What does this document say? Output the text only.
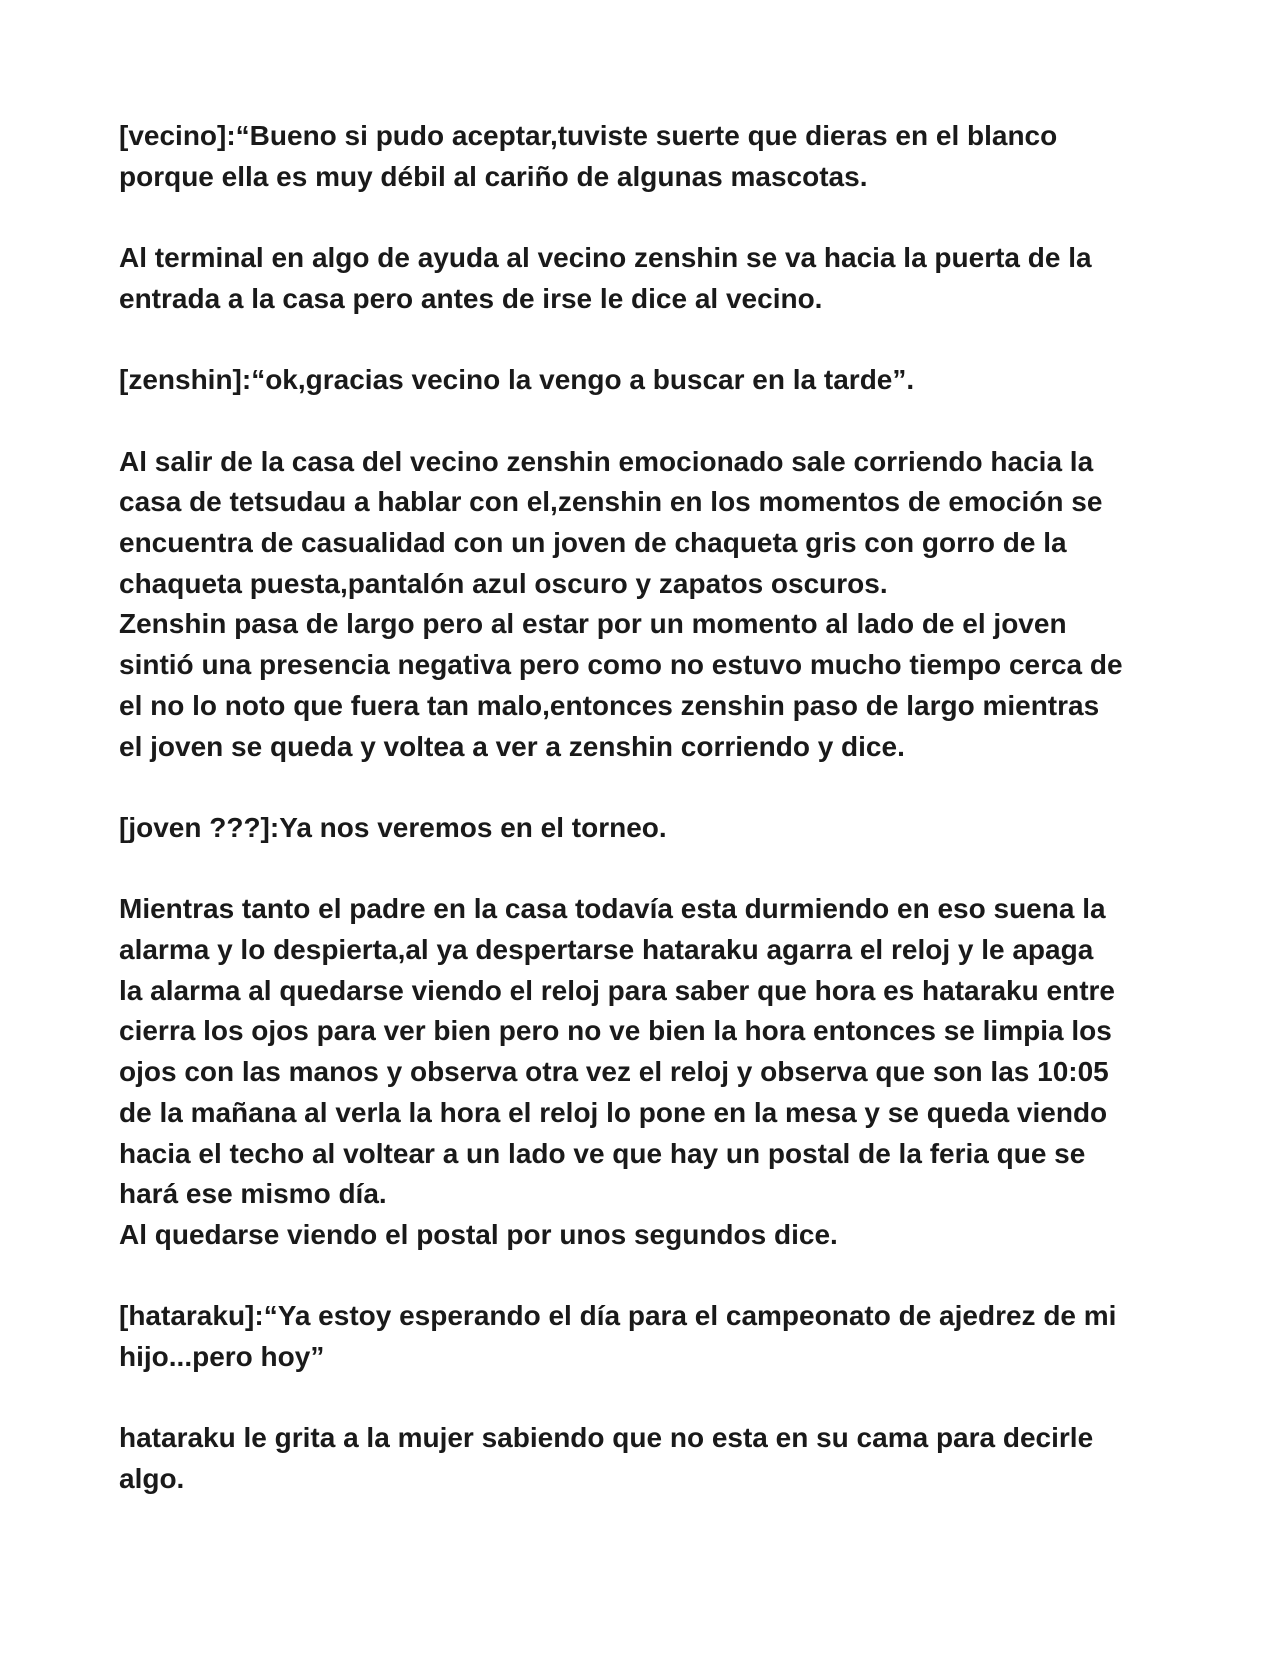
[vecino]:“Bueno si pudo aceptar,tuviste suerte que dieras en el blanco
porque ella es muy débil al cariño de algunas mascotas.

Al terminal en algo de ayuda al vecino zenshin se va hacia la puerta de la
entrada a la casa pero antes de irse le dice al vecino.

[zenshin]:“ok,gracias vecino la vengo a buscar en la tarde”.

Al salir de la casa del vecino zenshin emocionado sale corriendo hacia la
casa de tetsudau a hablar con el,zenshin en los momentos de emoción se
encuentra de casualidad con un joven de chaqueta gris con gorro de la
chaqueta puesta,pantalón azul oscuro y zapatos oscuros.
Zenshin pasa de largo pero al estar por un momento al lado de el joven
sintió una presencia negativa pero como no estuvo mucho tiempo cerca de
el no lo noto que fuera tan malo,entonces zenshin paso de largo mientras
el joven se queda y voltea a ver a zenshin corriendo y dice.

[joven ???]:Ya nos veremos en el torneo.

Mientras tanto el padre en la casa todavía esta durmiendo en eso suena la
alarma y lo despierta,al ya despertarse hataraku agarra el reloj y le apaga
la alarma al quedarse viendo el reloj para saber que hora es hataraku entre
cierra los ojos para ver bien pero no ve bien la hora entonces se limpia los
ojos con las manos y observa otra vez el reloj y observa que son las 10:05
de la mañana al verla la hora el reloj lo pone en la mesa y se queda viendo
hacia el techo al voltear a un lado ve que hay un postal de la feria que se
hará ese mismo día.
Al quedarse viendo el postal por unos segundos dice.

[hataraku]:“Ya estoy esperando el día para el campeonato de ajedrez de mi
hijo...pero hoy”

hataraku le grita a la mujer sabiendo que no esta en su cama para decirle
algo.
